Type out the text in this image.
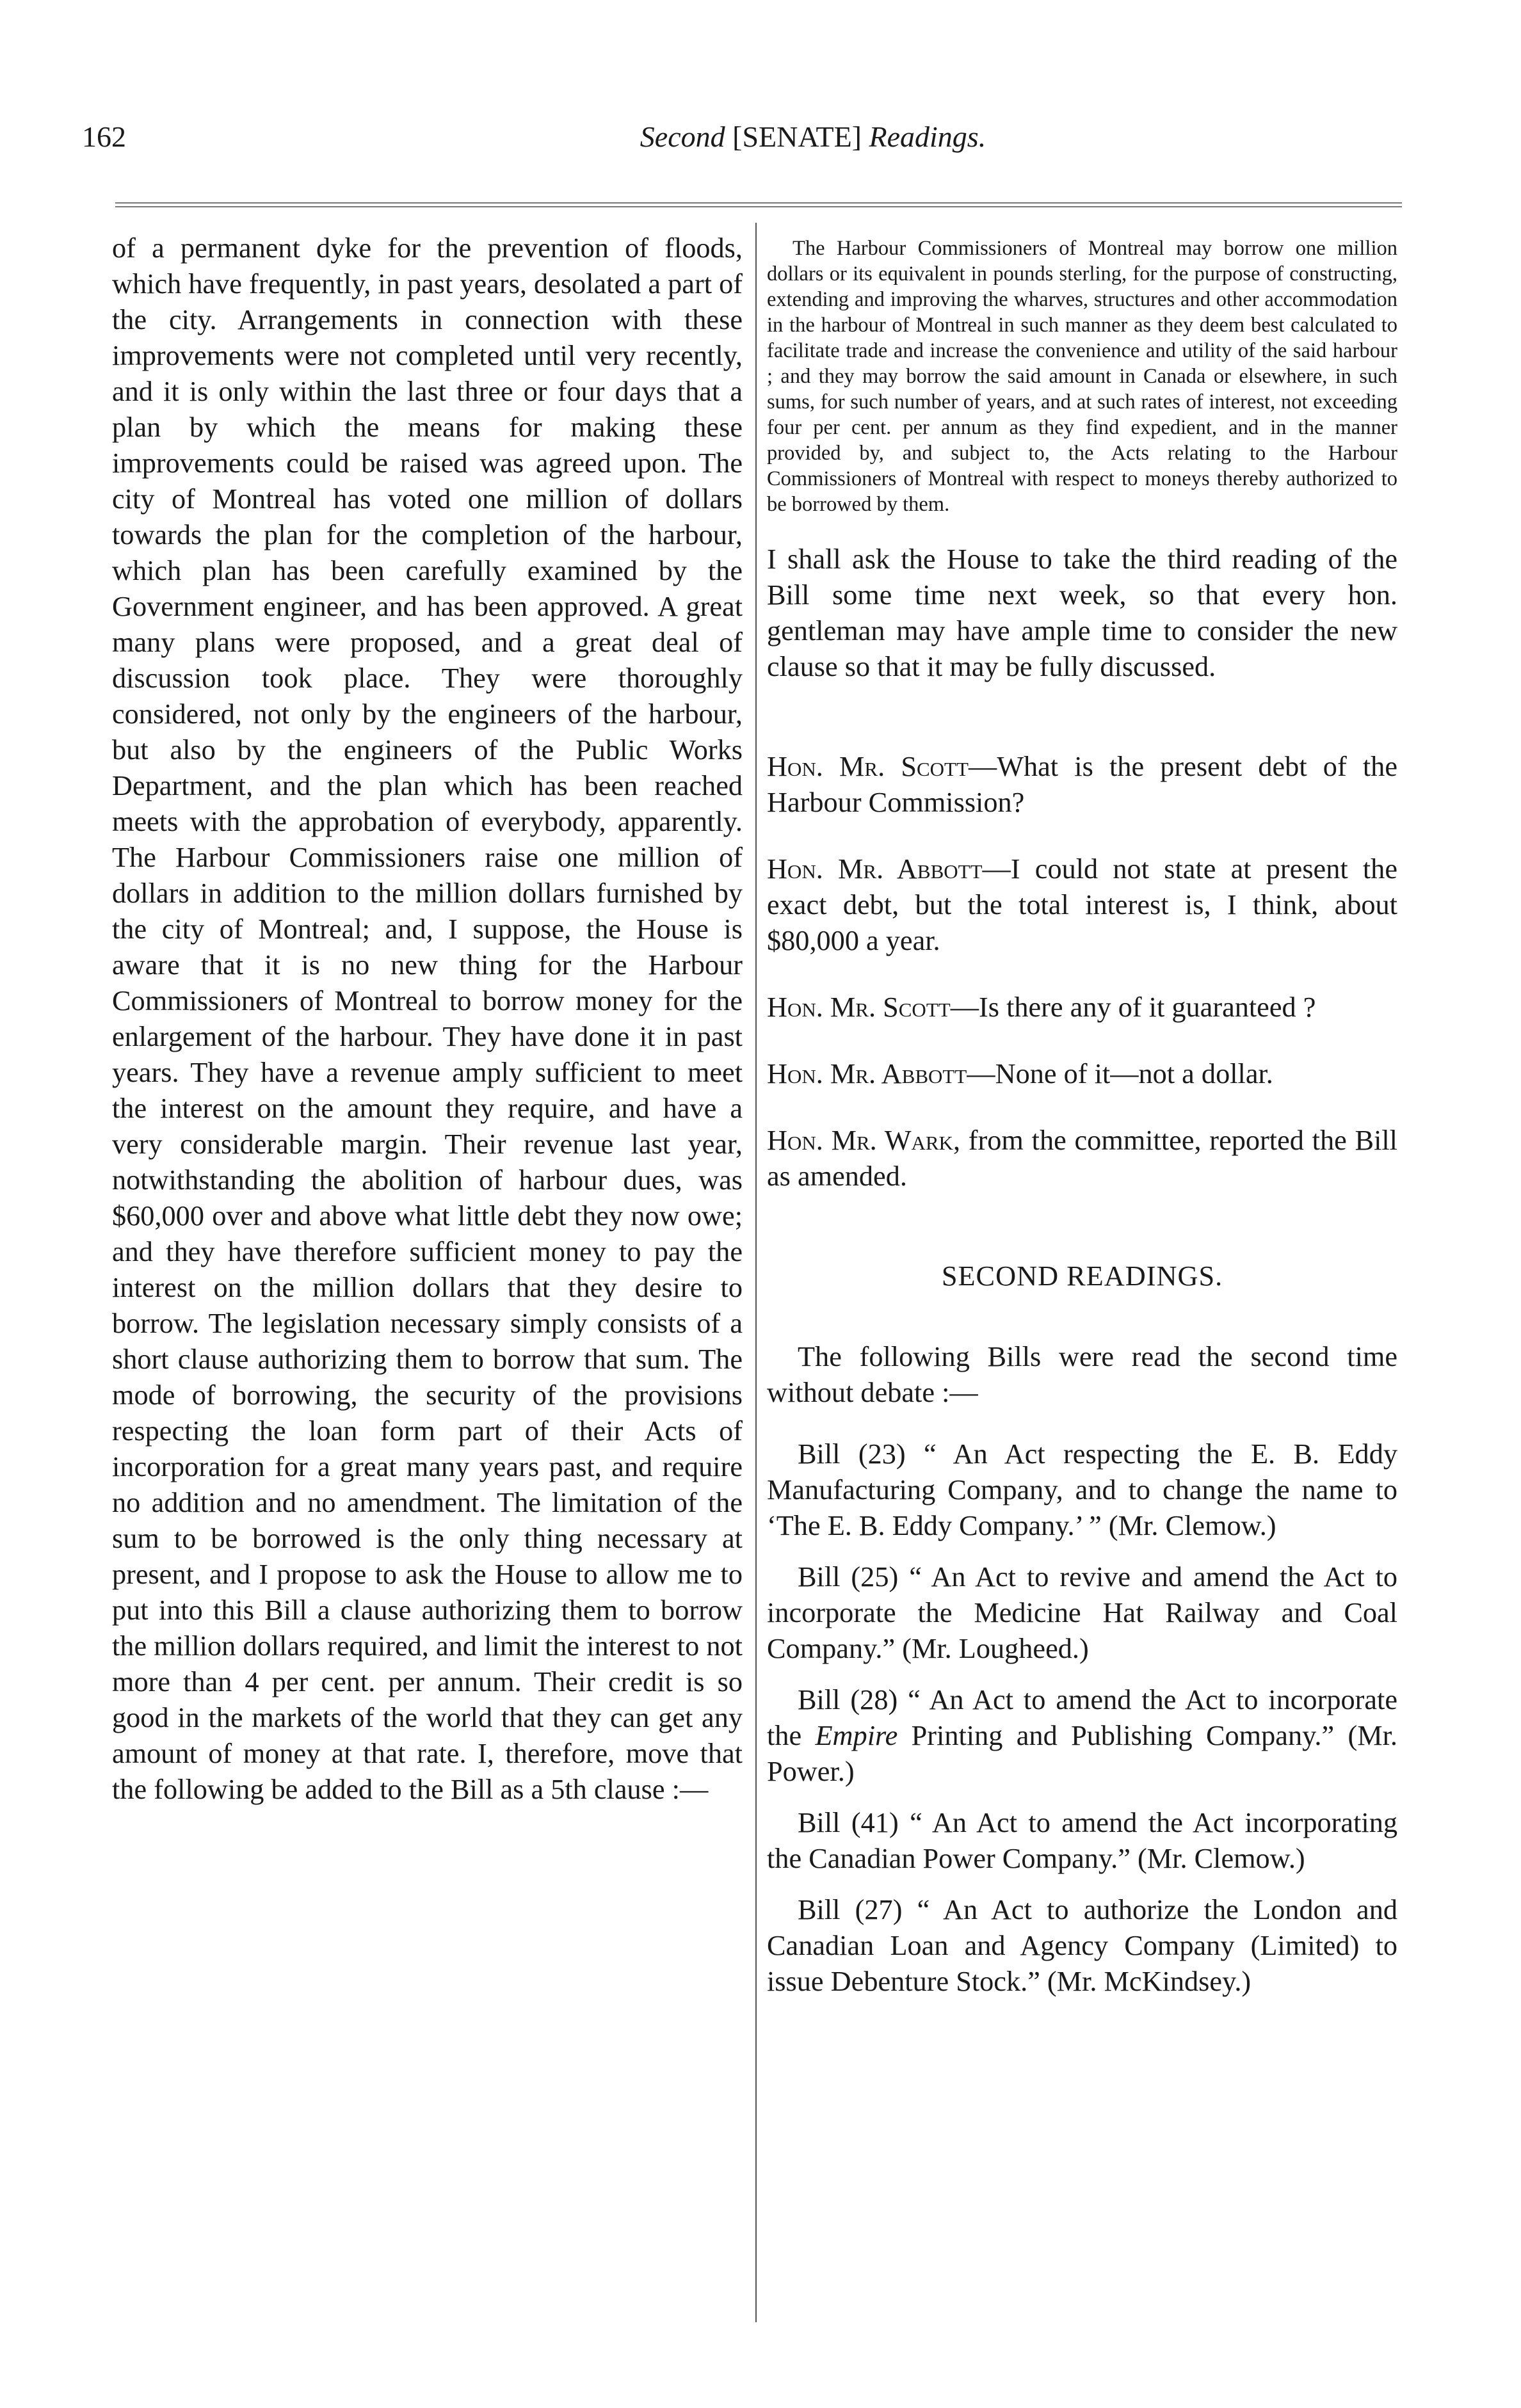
162	Second [SENATE] Readings.

of a permanent dyke for the prevention of floods, which have frequently, in past years, desolated a part of the city. Arrangements in connection with these improvements were not completed until very recently, and it is only within the last three or four days that a plan by which the means for making these improvements could be raised was agreed upon. The city of Montreal has voted one million of dollars towards the plan for the completion of the harbour, which plan has been carefully examined by the Government engineer, and has been approved. A great many plans were proposed, and a great deal of discussion took place. They were thoroughly considered, not only by the engineers of the harbour, but also by the engineers of the Public Works Department, and the plan which has been reached meets with the approbation of everybody, apparently. The Harbour Commissioners raise one million of dollars in addition to the million dollars furnished by the city of Montreal; and, I suppose, the House is aware that it is no new thing for the Harbour Commissioners of Montreal to borrow money for the enlargement of the harbour. They have done it in past years. They have a revenue amply sufficient to meet the interest on the amount they require, and have a very considerable margin. Their revenue last year, notwithstanding the abolition of harbour dues, was $60,000 over and above what little debt they now owe; and they have therefore sufficient money to pay the interest on the million dollars that they desire to borrow. The legislation necessary simply consists of a short clause authorizing them to borrow that sum. The mode of borrowing, the security of the provisions respecting the loan form part of their Acts of incorporation for a great many years past, and require no addition and no amendment. The limitation of the sum to be borrowed is the only thing necessary at present, and I propose to ask the House to allow me to put into this Bill a clause authorizing them to borrow the million dollars required, and limit the interest to not more than 4 per cent. per annum. Their credit is so good in the markets of the world that they can get any amount of money at that rate. I, therefore, move that the following be added to the Bill as a 5th clause :—

The Harbour Commissioners of Montreal may borrow one million dollars or its equivalent in pounds sterling, for the purpose of constructing, extending and improving the wharves, structures and other accommodation in the harbour of Montreal in such manner as they deem best calculated to facilitate trade and increase the convenience and utility of the said harbour ; and they may borrow the said amount in Canada or elsewhere, in such sums, for such number of years, and at such rates of interest, not exceeding four per cent. per annum as they find expedient, and in the manner provided by, and subject to, the Acts relating to the Harbour Commissioners of Montreal with respect to moneys thereby authorized to be borrowed by them.

I shall ask the House to take the third reading of the Bill some time next week, so that every hon. gentleman may have ample time to consider the new clause so that it may be fully discussed.

Hon. Mr. Scott—What is the present debt of the Harbour Commission?

Hon. Mr. Abbott—I could not state at present the exact debt, but the total interest is, I think, about $80,000 a year.

Hon. Mr. Scott—Is there any of it guaranteed ?

Hon. Mr. Abbott—None of it—not a dollar.

Hon. Mr. Wark, from the committee, reported the Bill as amended.

SECOND READINGS.

The following Bills were read the second time without debate :—

Bill (23) “ An Act respecting the E. B. Eddy Manufacturing Company, and to change the name to ‘The E. B. Eddy Company.’ ” (Mr. Clemow.)

Bill (25) “ An Act to revive and amend the Act to incorporate the Medicine Hat Railway and Coal Company.” (Mr. Lougheed.)

Bill (28) “ An Act to amend the Act to incorporate the Empire Printing and Publishing Company.” (Mr. Power.)

Bill (41) “ An Act to amend the Act incorporating the Canadian Power Company.” (Mr. Clemow.)

Bill (27) “ An Act to authorize the London and Canadian Loan and Agency Company (Limited) to issue Debenture Stock.” (Mr. McKindsey.)
